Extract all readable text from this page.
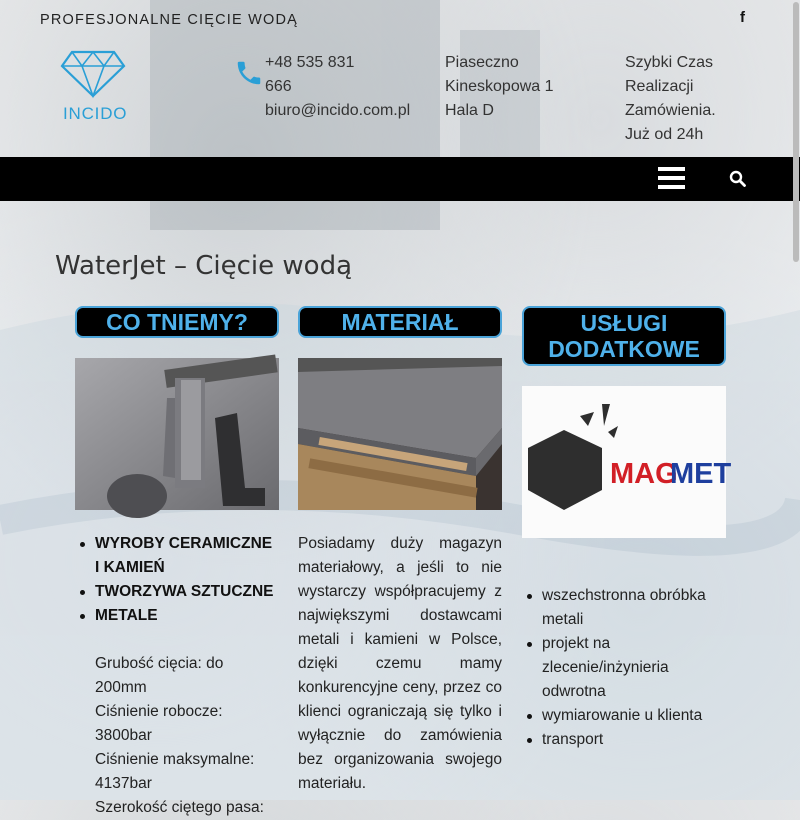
PROFESJONALNE CIĘCIE WODĄ	f
INCIDO
+48 535 831 666
biuro@incido.com.pl
Piaseczno
Kineskopowa 1
Hala D
Szybki Czas Realizacji Zamówienia. Już od 24h
WaterJet – Cięcie wodą
CO TNIEMY?
WYROBY CERAMICZNE I KAMIEŃ
TWORZYWA SZTUCZNE
METALE
Grubość cięcia: do 200mm
Ciśnienie robocze: 3800bar
Ciśnienie maksymalne: 4137bar
Szerokość ciętego pasa:
MATERIAŁ
Posiadamy duży magazyn materiałowy, a jeśli to nie wystarczy współpracujemy z największymi dostawcami metali i kamieni w Polsce, dzięki czemu mamy konkurencyjne ceny, przez co klienci ograniczają się tylko i wyłącznie do zamówienia bez organizowania swojego materiału.
USŁUGI DODATKOWE
MAG
MET
wszechstronna obróbka metali
projekt na zlecenie/inżynieria odwrotna
wymiarowanie u klienta
transport
